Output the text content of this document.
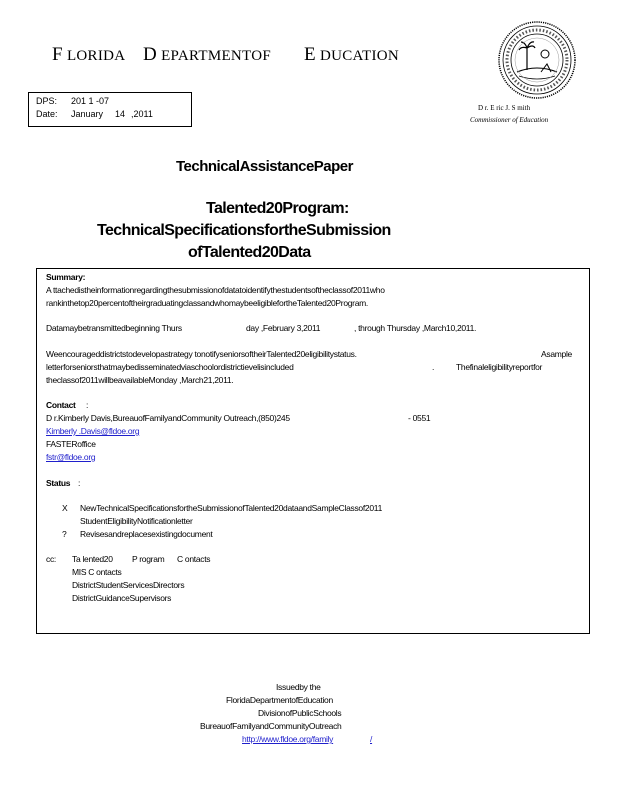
F LORIDA D EPARTMENTOF E DUCATION
DPS: 201 1 -07
Date: January 14 ,2011
D r. E ric J. S mith
Commissioner of Education
TechnicalAssistancePaper
Talented20Program:
TechnicalSpecificationsfortheSubmission
ofTalented20Data
Summary:
A ttachedistheinformationregardingthesubmissionofdatatoidentifythestudentsoftheclassof2011who
rankinthetop20percentoftheirgraduatingclassandwhomaybeeligiblefortheTalented20Program.
Datamaybetransmittedbeginning Thurs	day ,February 3,2011	, through Thursday ,March10,2011.
Weencourageddistrictstodevelopastrategy tonotifyseniorsoftheirTalented20eligibilitystatus.	Asample
letterforseniorsthatmaybedisseminatedviaschoolordistrictievelisincluded	.	Thefinaleligibilityreportfor
theclassof2011willbeavailableMonday ,March21,2011.
Contact :
D r.Kimberly Davis,BureauofFamilyandCommunity Outreach,(850)245	- 0551
Kimberly .Davis@fldoe.org
FASTERoffice
fstr@fldoe.org
Status :
X NewTechnicalSpecificationsfortheSubmissionofTalented20dataandSampleClassof2011
StudentEligibilityNotificationletter
? Revisesandreplacesexistingdocument
cc: Ta lented20 P rogram C ontacts
MIS C ontacts
DistrictStudentServicesDirectors
DistrictGuidanceSupervisors
Issuedby the
FloridaDepartmentofEducation
DivisionofPublicSchools
BureauofFamilyandCommunityOutreach
http://www.fldoe.org/family	/
